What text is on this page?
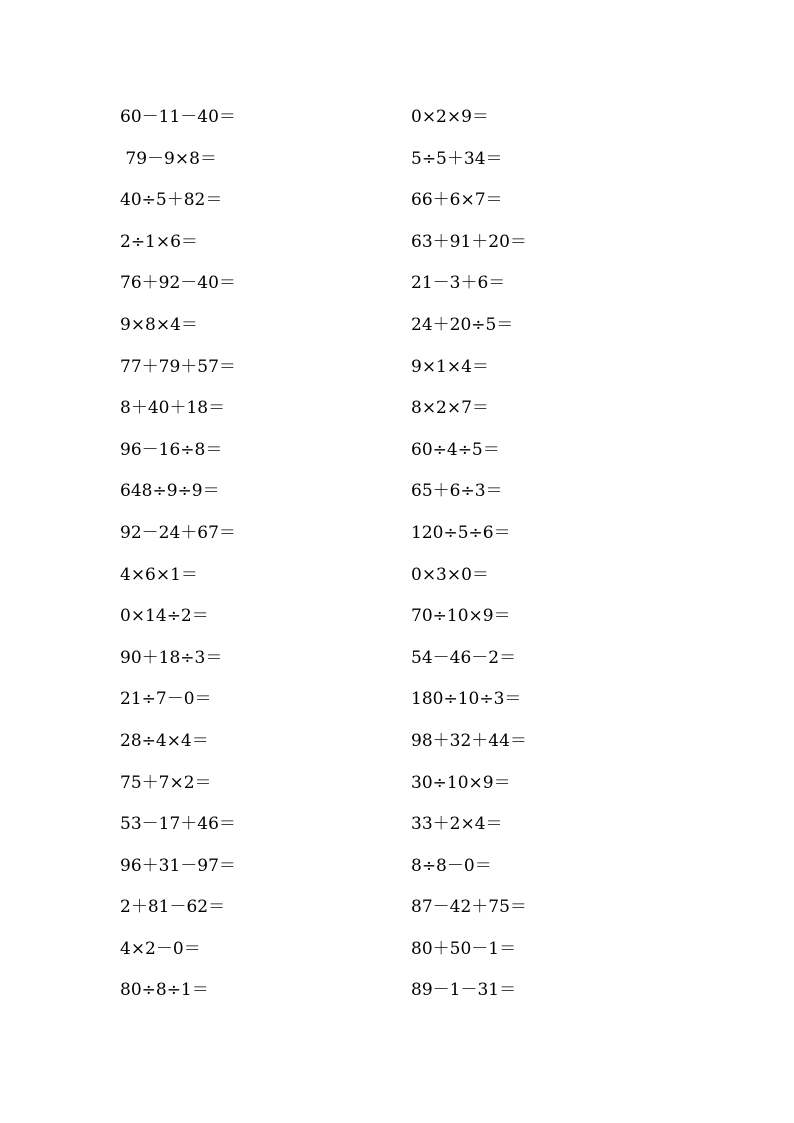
60－11－40＝
79－9×8＝
40÷5＋82＝
2÷1×6＝
76＋92－40＝
9×8×4＝
77＋79＋57＝
8＋40＋18＝
96－16÷8＝
648÷9÷9＝
92－24＋67＝
4×6×1＝
0×14÷2＝
90＋18÷3＝
21÷7－0＝
28÷4×4＝
75＋7×2＝
53－17＋46＝
96＋31－97＝
2＋81－62＝
4×2－0＝
80÷8÷1＝
0×2×9＝
5÷5＋34＝
66＋6×7＝
63＋91＋20＝
21－3＋6＝
24＋20÷5＝
9×1×4＝
8×2×7＝
60÷4÷5＝
65＋6÷3＝
120÷5÷6＝
0×3×0＝
70÷10×9＝
54－46－2＝
180÷10÷3＝
98＋32＋44＝
30÷10×9＝
33＋2×4＝
8÷8－0＝
87－42＋75＝
80＋50－1＝
89－1－31＝
